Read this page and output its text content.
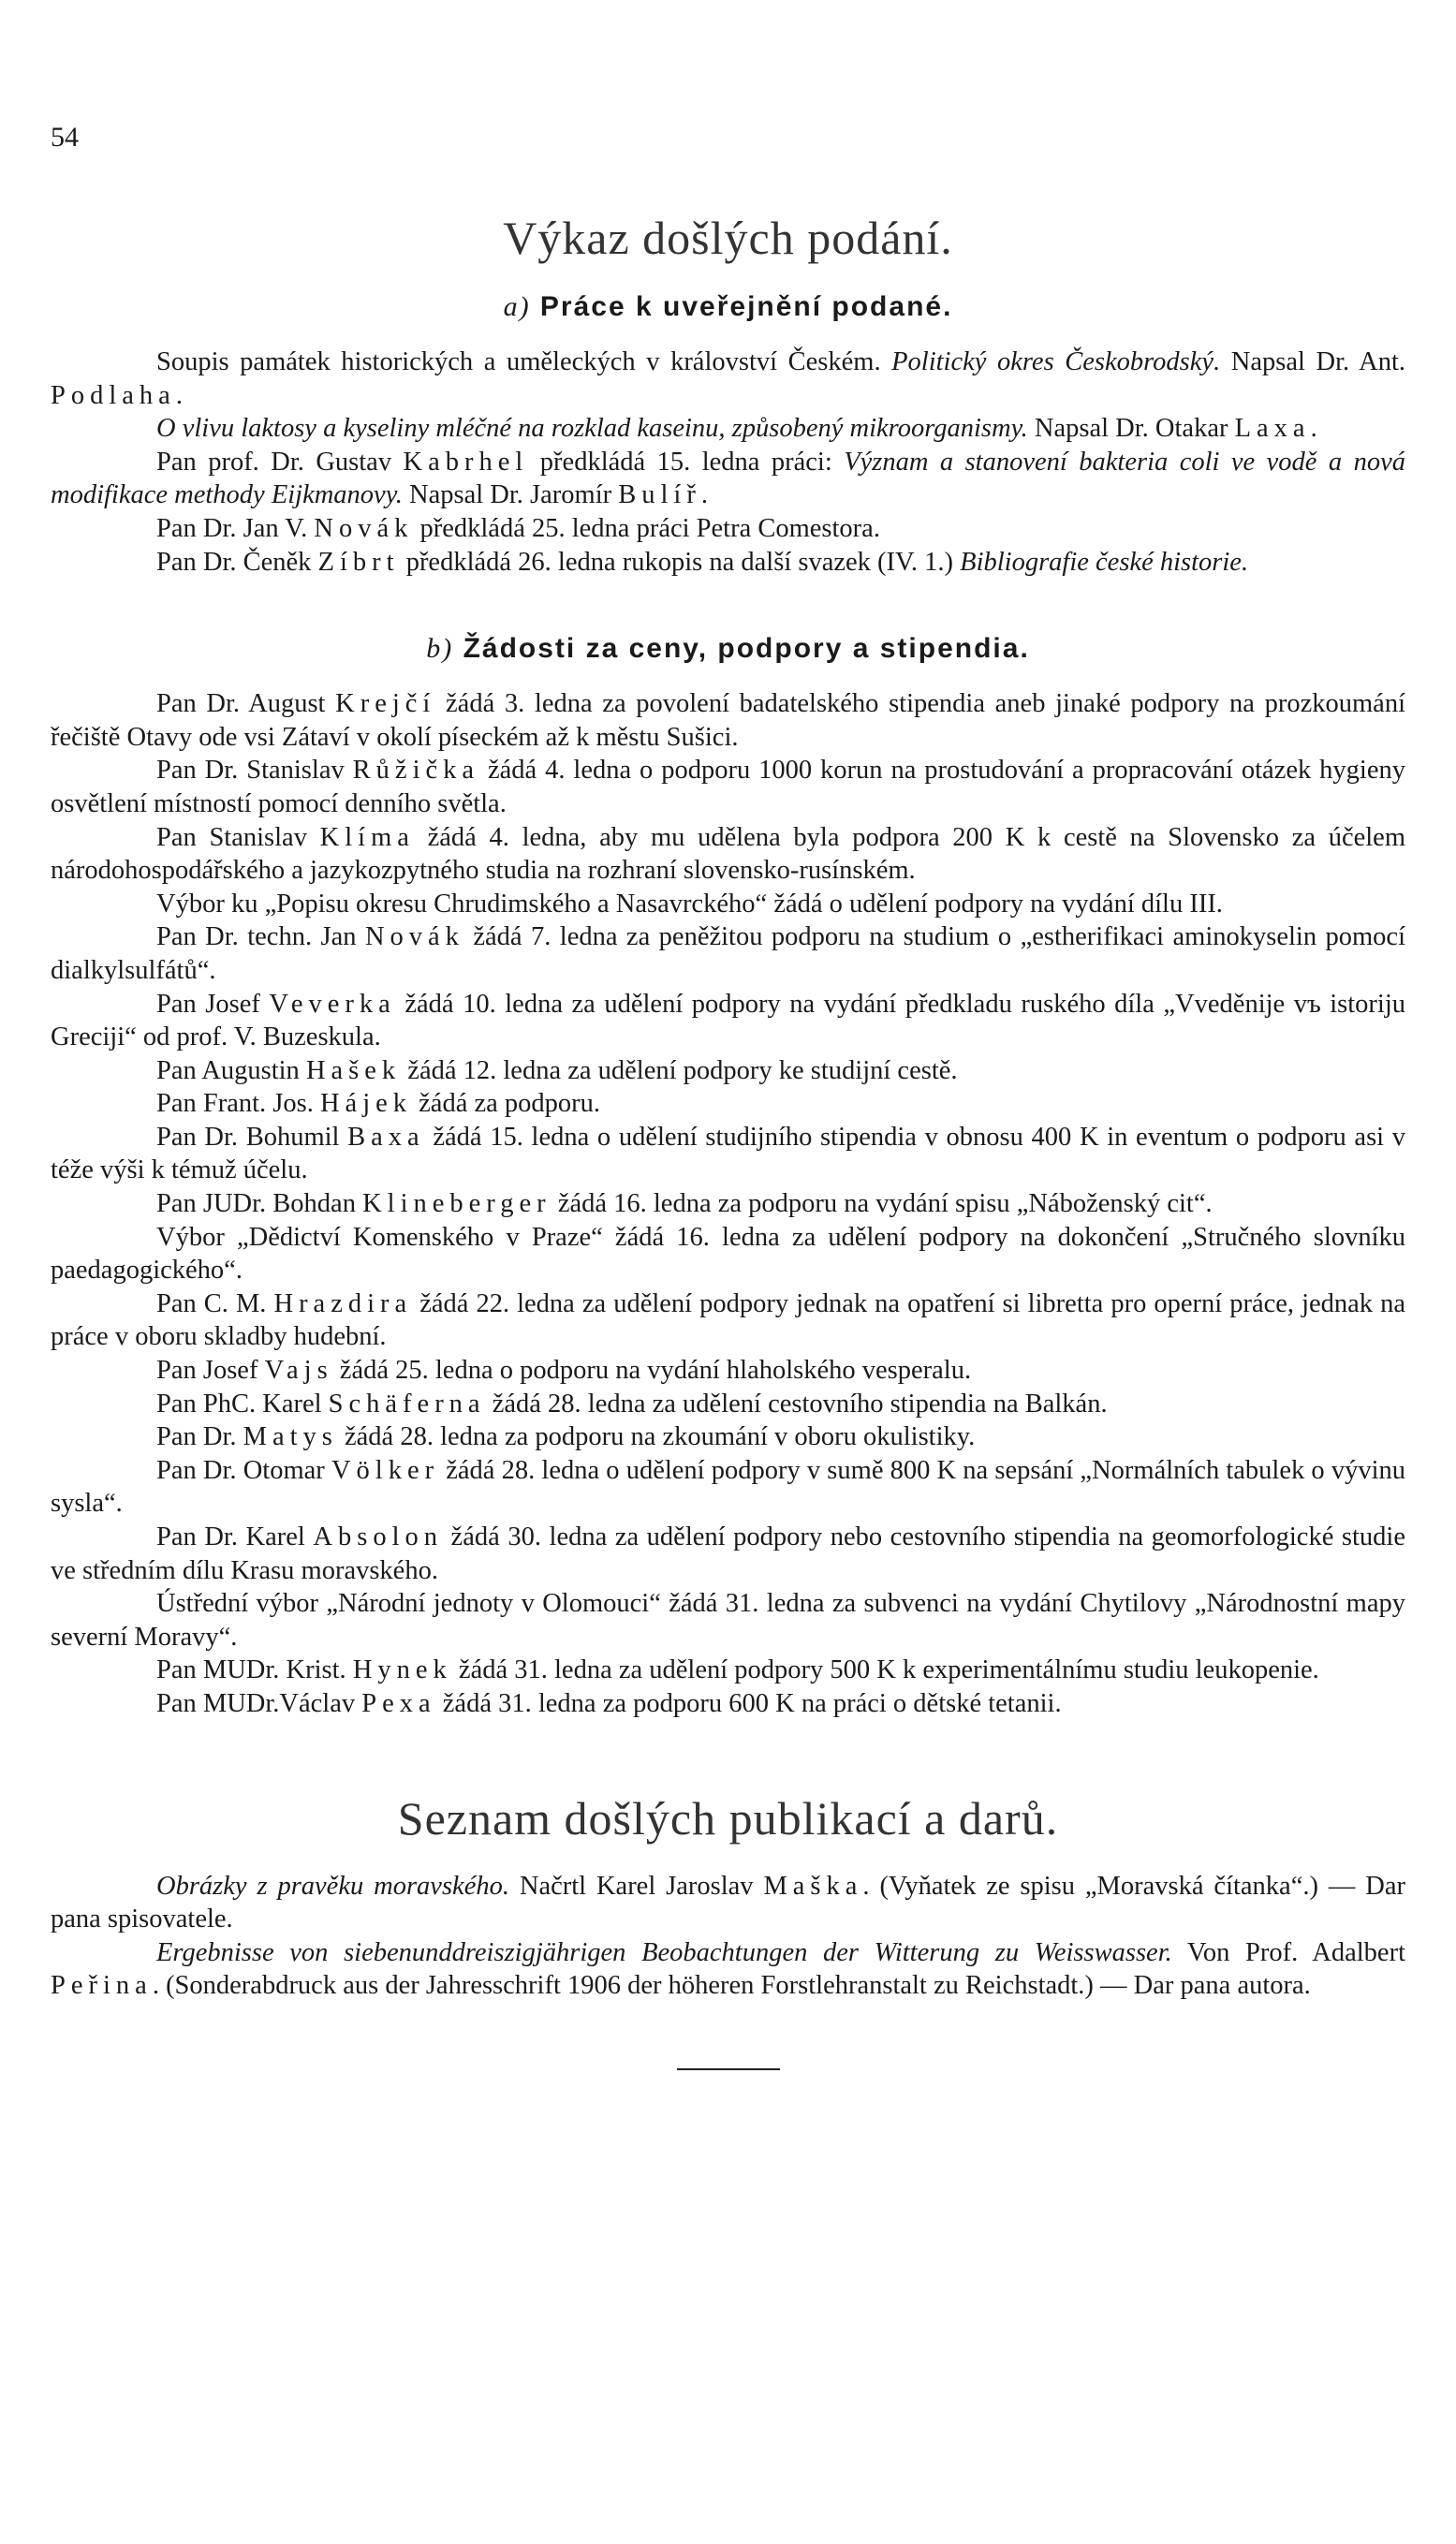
54
Výkaz došlých podání.
a) Práce k uveřejnění podané.

Soupis památek historických a uměleckých v království Českém. Politický okres Českobrodský. Napsal Dr. Ant. Podlaha.

O vlivu laktosy a kyseliny mléčné na rozklad kaseinu, způsobený mikroorganismy. Napsal Dr. Otakar Laxa.

Pan prof. Dr. Gustav Kabrhel předkládá 15. ledna práci: Význam a stanovení bakteria coli ve vodě a nová modifikace methody Eijkmanovy. Napsal Dr. Jaromír Bulíř.

Pan Dr. Jan V. Novák předkládá 25. ledna práci Petra Comestora.

Pan Dr. Čeněk Zíbrt předkládá 26. ledna rukopis na další svazek (IV. 1.) Bibliografie české historie.

b) Žádosti za ceny, podpory a stipendia.

Pan Dr. August Krejčí žádá 3. ledna za povolení badatelského stipendia aneb jinaké podpory na prozkoumání řečiště Otavy ode vsi Zátaví v okolí píseckém až k městu Sušici.

Pan Dr. Stanislav Růžička žádá 4. ledna o podporu 1000 korun na prostudování a propracování otázek hygieny osvětlení místností pomocí denního světla.

Pan Stanislav Klíma žádá 4. ledna, aby mu udělena byla podpora 200 K k cestě na Slovensko za účelem národohospodářského a jazykozpytného studia na rozhraní slovensko-rusínském.

Výbor ku „Popisu okresu Chrudimského a Nasavrckého“ žádá o udělení podpory na vydání dílu III.

Pan Dr. techn. Jan Novák žádá 7. ledna za peněžitou podporu na studium o „estherifikaci aminokyselin pomocí dialkylsulfátů“.

Pan Josef Veverka žádá 10. ledna za udělení podpory na vydání předkladu ruského díla „Vveděnije vъ istoriju Greciji“ od prof. V. Buzeskula.

Pan Augustin Hašek žádá 12. ledna za udělení podpory ke studijní cestě.

Pan Frant. Jos. Hájek žádá za podporu.

Pan Dr. Bohumil Baxa žádá 15. ledna o udělení studijního stipendia v obnosu 400 K in eventum o podporu asi v téže výši k témuž účelu.

Pan JUDr. Bohdan Klineberger žádá 16. ledna za podporu na vydání spisu „Náboženský cit“.

Výbor „Dědictví Komenského v Praze“ žádá 16. ledna za udělení podpory na dokončení „Stručného slovníku paedagogického“.

Pan C. M. Hrazdira žádá 22. ledna za udělení podpory jednak na opatření si libretta pro operní práce, jednak na práce v oboru skladby hudební.

Pan Josef Vajs žádá 25. ledna o podporu na vydání hlaholského vesperalu.

Pan PhC. Karel Schäferna žádá 28. ledna za udělení cestovního stipendia na Balkán.

Pan Dr. Matys žádá 28. ledna za podporu na zkoumání v oboru okulistiky.

Pan Dr. Otomar Völker žádá 28. ledna o udělení podpory v sumě 800 K na sepsání „Normálních tabulek o vývinu sysla“.

Pan Dr. Karel Absolon žádá 30. ledna za udělení podpory nebo cestovního stipendia na geomorfologické studie ve středním dílu Krasu moravského.

Ústřední výbor „Národní jednoty v Olomouci“ žádá 31. ledna za subvenci na vydání Chytilovy „Národnostní mapy severní Moravy“.

Pan MUDr. Krist. Hynek žádá 31. ledna za udělení podpory 500 K k experimentálnímu studiu leukopenie.

Pan MUDr.Václav Pexa žádá 31. ledna za podporu 600 K na práci o dětské tetanii.

Seznam došlých publikací a darů.

Obrázky z pravěku moravského. Načrtl Karel Jaroslav Maška. (Vyňatek ze spisu „Moravská čítanka“.) — Dar pana spisovatele.

Ergebnisse von siebenunddreiszigjährigen Beobachtungen der Witterung zu Weisswasser. Von Prof. Adalbert Peřina. (Sonderabdruck aus der Jahresschrift 1906 der höheren Forstlehranstalt zu Reichstadt.) — Dar pana autora.
